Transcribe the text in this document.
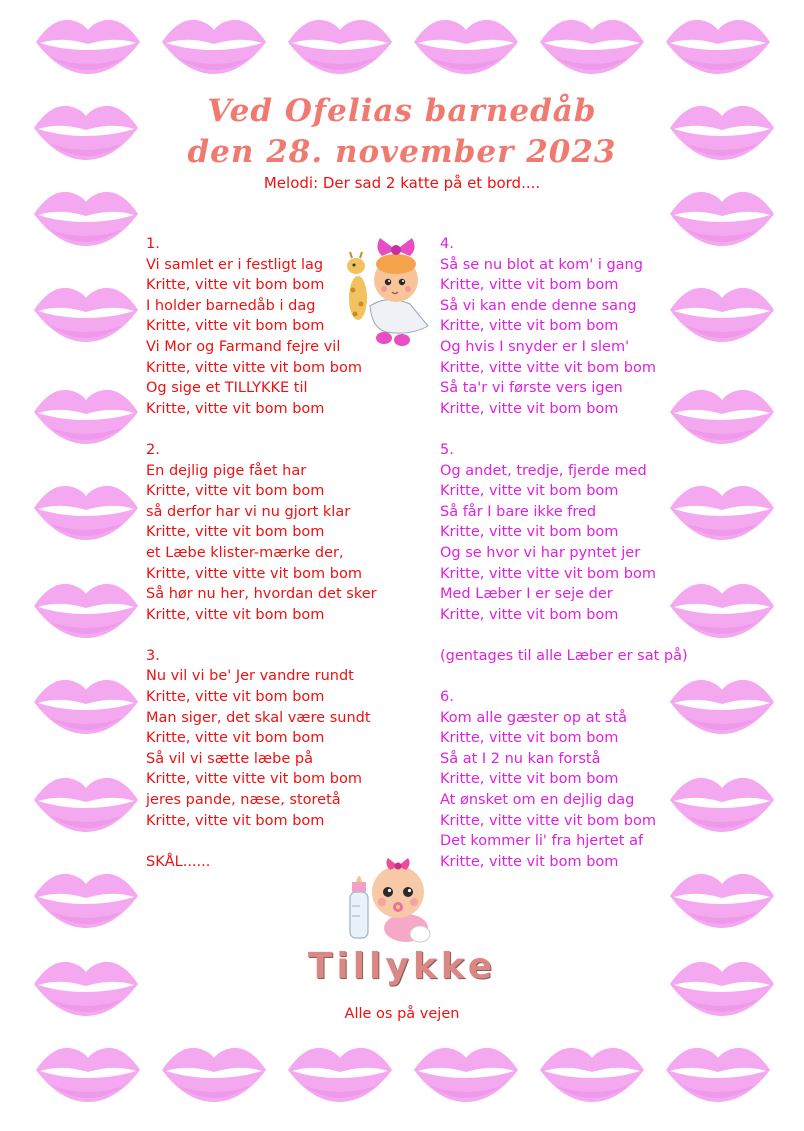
Ved Ofelias barnedåb
den 28. november 2023
Melodi: Der sad 2 katte på et bord....
1.
Vi samlet er i festligt lag
Kritte, vitte vit bom bom
I holder barnedåb i dag
Kritte, vitte vit bom bom
Vi Mor og Farmand fejre vil
Kritte, vitte vitte vit bom bom
Og sige et TILLYKKE til
Kritte, vitte vit bom bom
2.
En dejlig pige fået har
Kritte, vitte vit bom bom
så derfor har vi nu gjort klar
Kritte, vitte vit bom bom
et Læbe klister-mærke der,
Kritte, vitte vitte vit bom bom
Så hør nu her, hvordan det sker
Kritte, vitte vit bom bom
3.
Nu vil vi be' Jer vandre rundt
Kritte, vitte vit bom bom
Man siger, det skal være sundt
Kritte, vitte vit bom bom
Så vil vi sætte læbe på
Kritte, vitte vitte vit bom bom
jeres pande, næse, storetå
Kritte, vitte vit bom bom
SKÅL......
4.
Så se nu blot at kom' i gang
Kritte, vitte vit bom bom
Så vi kan ende denne sang
Kritte, vitte vit bom bom
Og hvis I snyder er I slem'
Kritte, vitte vitte vit bom bom
Så ta'r vi første vers igen
Kritte, vitte vit bom bom
5.
Og andet, tredje, fjerde med
Kritte, vitte vit bom bom
Så får I bare ikke fred
Kritte, vitte vit bom bom
Og se hvor vi har pyntet jer
Kritte, vitte vitte vit bom bom
Med Læber I er seje der
Kritte, vitte vit bom bom
(gentages til alle Læber er sat på)
6.
Kom alle gæster op at stå
Kritte, vitte vit bom bom
Så at I 2 nu kan forstå
Kritte, vitte vit bom bom
At ønsket om en dejlig dag
Kritte, vitte vitte vit bom bom
Det kommer li' fra hjertet af
Kritte, vitte vit bom bom
Tillykke
Alle os på vejen
